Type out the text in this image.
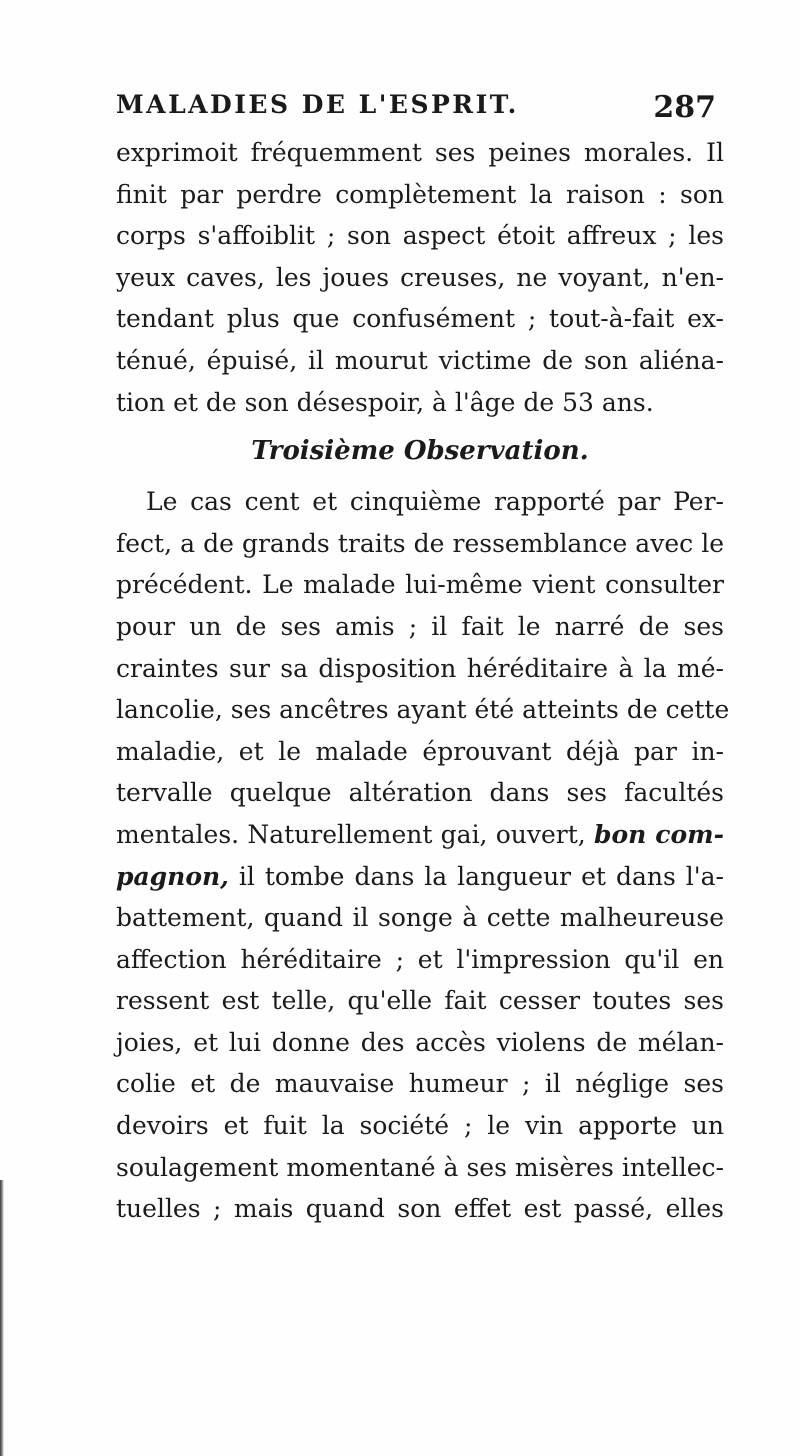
MALADIES DE L'ESPRIT.	287
exprimoit fréquemment ses peines morales. Il
finit par perdre complètement la raison : son
corps s'affoiblit ; son aspect étoit affreux ; les
yeux caves, les joues creuses, ne voyant, n'en-
tendant plus que confusément ; tout-à-fait ex-
ténué, épuisé, il mourut victime de son aliéna-
tion et de son désespoir, à l'âge de 53 ans.
Troisième Observation.
Le cas cent et cinquième rapporté par Per-
fect, a de grands traits de ressemblance avec le
précédent. Le malade lui-même vient consulter
pour un de ses amis ; il fait le narré de ses
craintes sur sa disposition héréditaire à la mé-
lancolie, ses ancêtres ayant été atteints de cette
maladie, et le malade éprouvant déjà par in-
tervalle quelque altération dans ses facultés
mentales. Naturellement gai, ouvert, bon com-
pagnon, il tombe dans la langueur et dans l'a-
battement, quand il songe à cette malheureuse
affection héréditaire ; et l'impression qu'il en
ressent est telle, qu'elle fait cesser toutes ses
joies, et lui donne des accès violens de mélan-
colie et de mauvaise humeur ; il néglige ses
devoirs et fuit la société ; le vin apporte un
soulagement momentané à ses misères intellec-
tuelles ; mais quand son effet est passé, elles
